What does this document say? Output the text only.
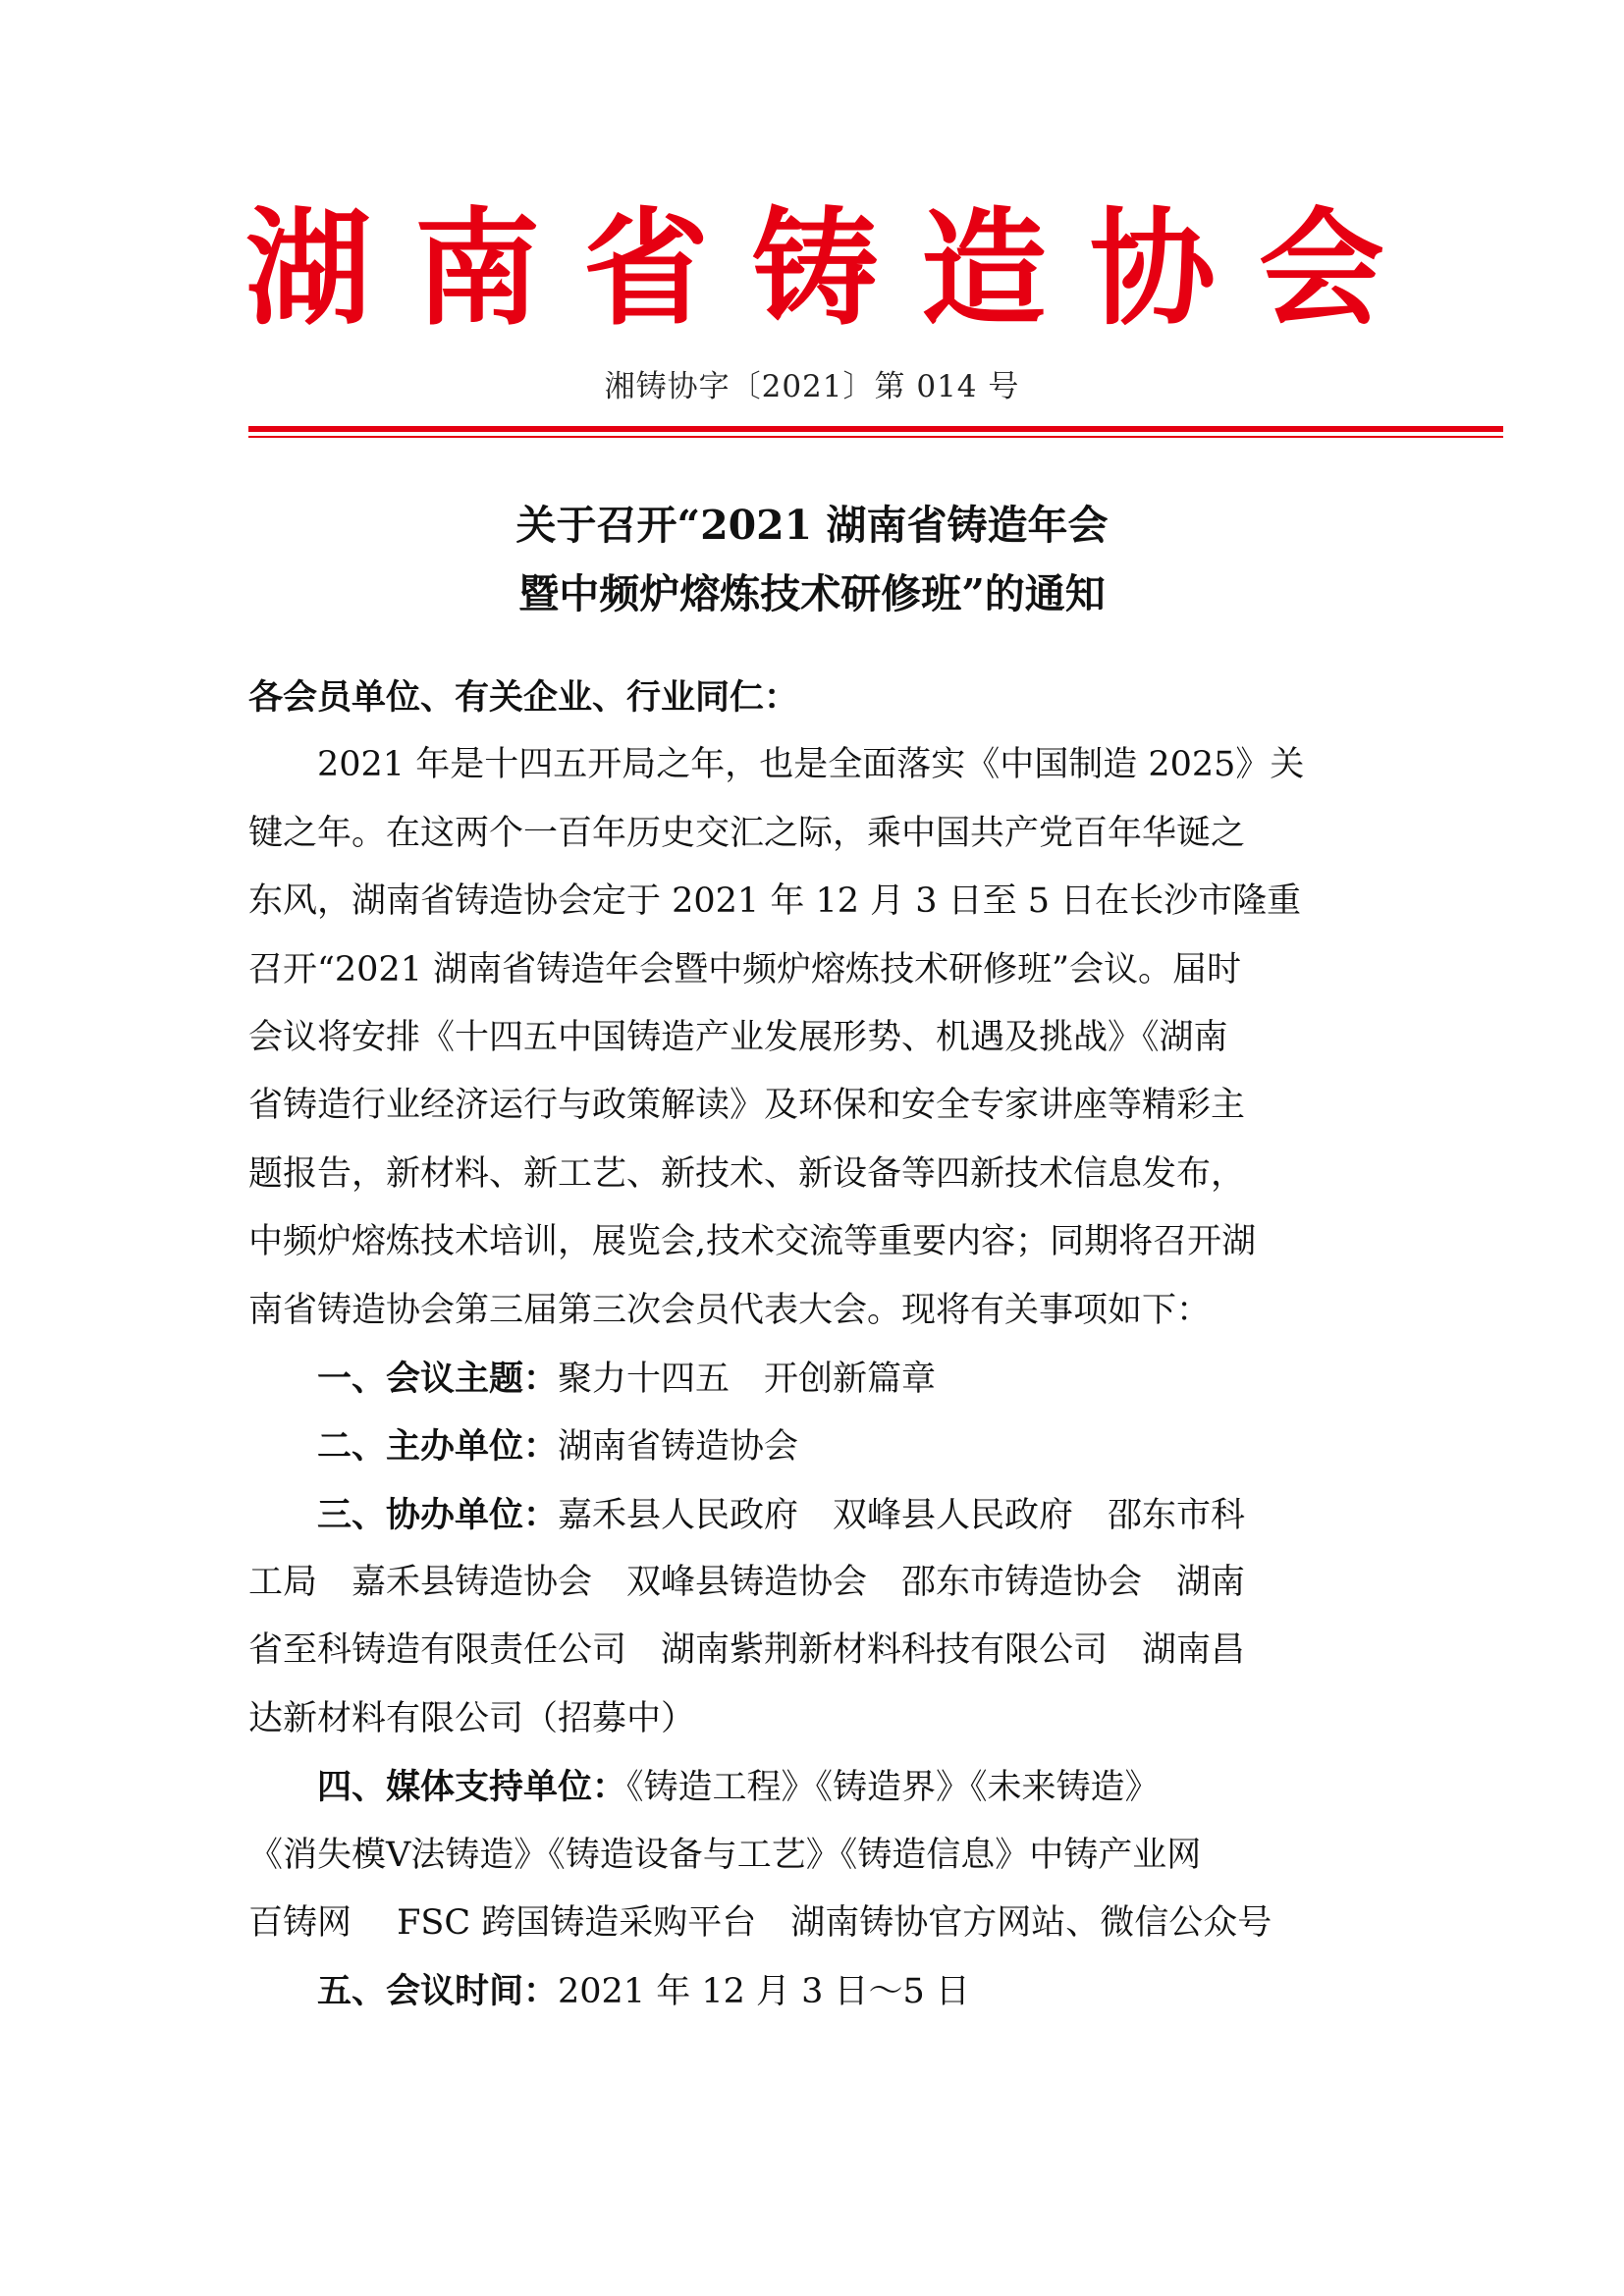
湖 南 省 铸 造 协 会
湘铸协字〔2021〕第 014 号
关于召开“2021 湖南省铸造年会
暨中频炉熔炼技术研修班”的通知
各会员单位、有关企业、行业同仁：
2021 年是十四五开局之年，也是全面落实《中国制造 2025》关
键之年。在这两个一百年历史交汇之际，乘中国共产党百年华诞之
东风，湖南省铸造协会定于 2021 年 12 月 3 日至 5 日在长沙市隆重
召开“2021 湖南省铸造年会暨中频炉熔炼技术研修班”会议。届时
会议将安排《十四五中国铸造产业发展形势、机遇及挑战》《湖南
省铸造行业经济运行与政策解读》及环保和安全专家讲座等精彩主
题报告，新材料、新工艺、新技术、新设备等四新技术信息发布，
中频炉熔炼技术培训，展览会,技术交流等重要内容；同期将召开湖
南省铸造协会第三届第三次会员代表大会。现将有关事项如下：
一、会议主题：聚力十四五　开创新篇章
二、主办单位：湖南省铸造协会
三、协办单位：嘉禾县人民政府　双峰县人民政府　邵东市科
工局　嘉禾县铸造协会　双峰县铸造协会　邵东市铸造协会　湖南
省至科铸造有限责任公司　湖南紫荆新材料科技有限公司　湖南昌
达新材料有限公司（招募中）
四、媒体支持单位：《铸造工程》《铸造界》《未来铸造》
《消失模Ⅴ法铸造》《铸造设备与工艺》《铸造信息》中铸产业网
百铸网　 FSC 跨国铸造采购平台　湖南铸协官方网站、微信公众号
五、会议时间：2021 年 12 月 3 日～5 日
